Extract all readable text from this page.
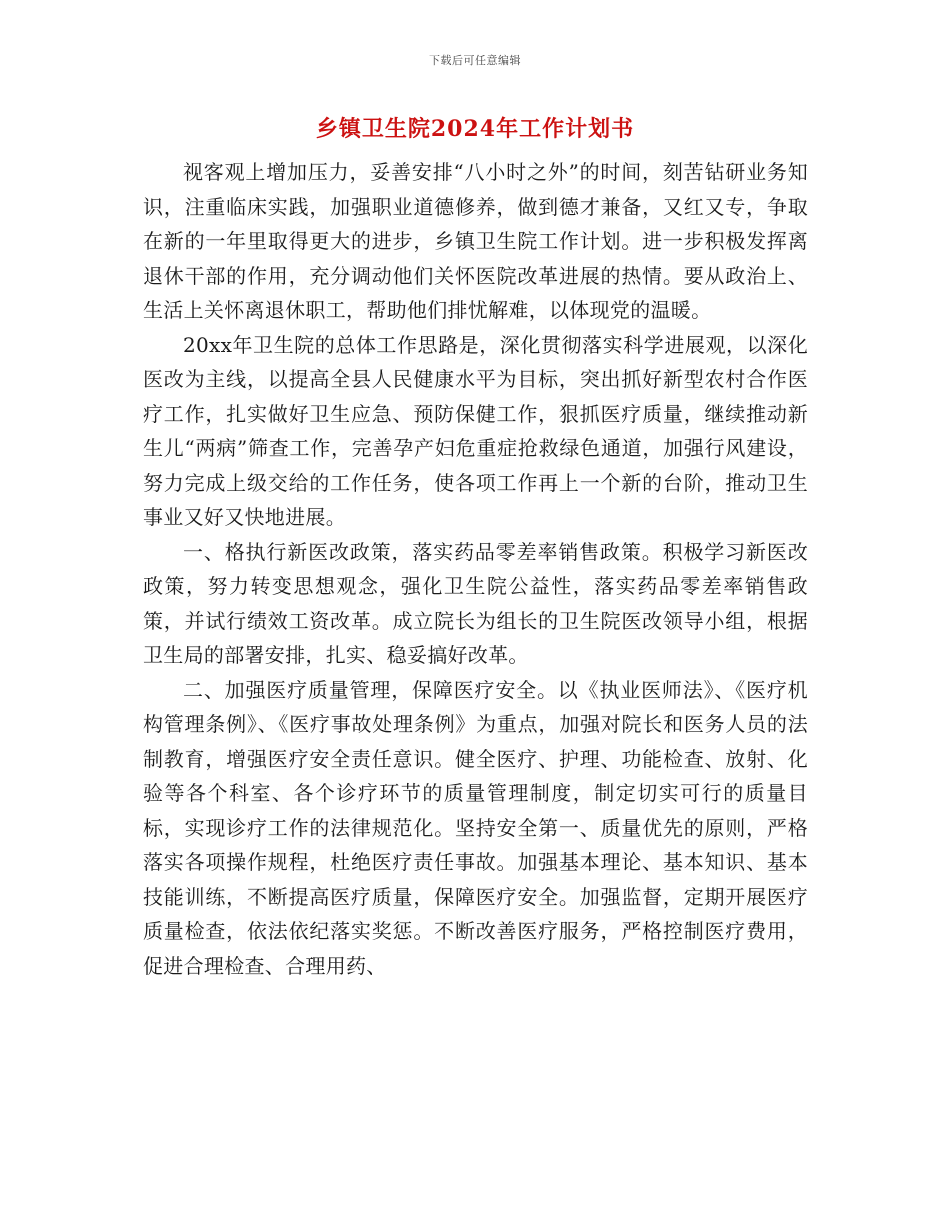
下载后可任意编辑
乡镇卫生院2024年工作计划书

视客观上增加压力，妥善安排“八小时之外”的时间，刻苦钻研业务知识，注重临床实践，加强职业道德修养，做到德才兼备，又红又专，争取在新的一年里取得更大的进步，乡镇卫生院工作计划。进一步积极发挥离退休干部的作用，充分调动他们关怀医院改革进展的热情。要从政治上、生活上关怀离退休职工，帮助他们排忧解难，以体现党的温暖。

20xx年卫生院的总体工作思路是，深化贯彻落实科学进展观，以深化医改为主线，以提高全县人民健康水平为目标，突出抓好新型农村合作医疗工作，扎实做好卫生应急、预防保健工作，狠抓医疗质量，继续推动新生儿“两病”筛查工作，完善孕产妇危重症抢救绿色通道，加强行风建设，努力完成上级交给的工作任务，使各项工作再上一个新的台阶，推动卫生事业又好又快地进展。

一、格执行新医改政策，落实药品零差率销售政策。积极学习新医改政策，努力转变思想观念，强化卫生院公益性，落实药品零差率销售政策，并试行绩效工资改革。成立院长为组长的卫生院医改领导小组，根据卫生局的部署安排，扎实、稳妥搞好改革。

二、加强医疗质量管理，保障医疗安全。以《执业医师法》、《医疗机构管理条例》、《医疗事故处理条例》为重点，加强对院长和医务人员的法制教育，增强医疗安全责任意识。健全医疗、护理、功能检查、放射、化验等各个科室、各个诊疗环节的质量管理制度，制定切实可行的质量目标，实现诊疗工作的法律规范化。坚持安全第一、质量优先的原则，严格落实各项操作规程，杜绝医疗责任事故。加强基本理论、基本知识、基本技能训练，不断提高医疗质量，保障医疗安全。加强监督，定期开展医疗质量检查，依法依纪落实奖惩。不断改善医疗服务，严格控制医疗费用，促进合理检查、合理用药、
